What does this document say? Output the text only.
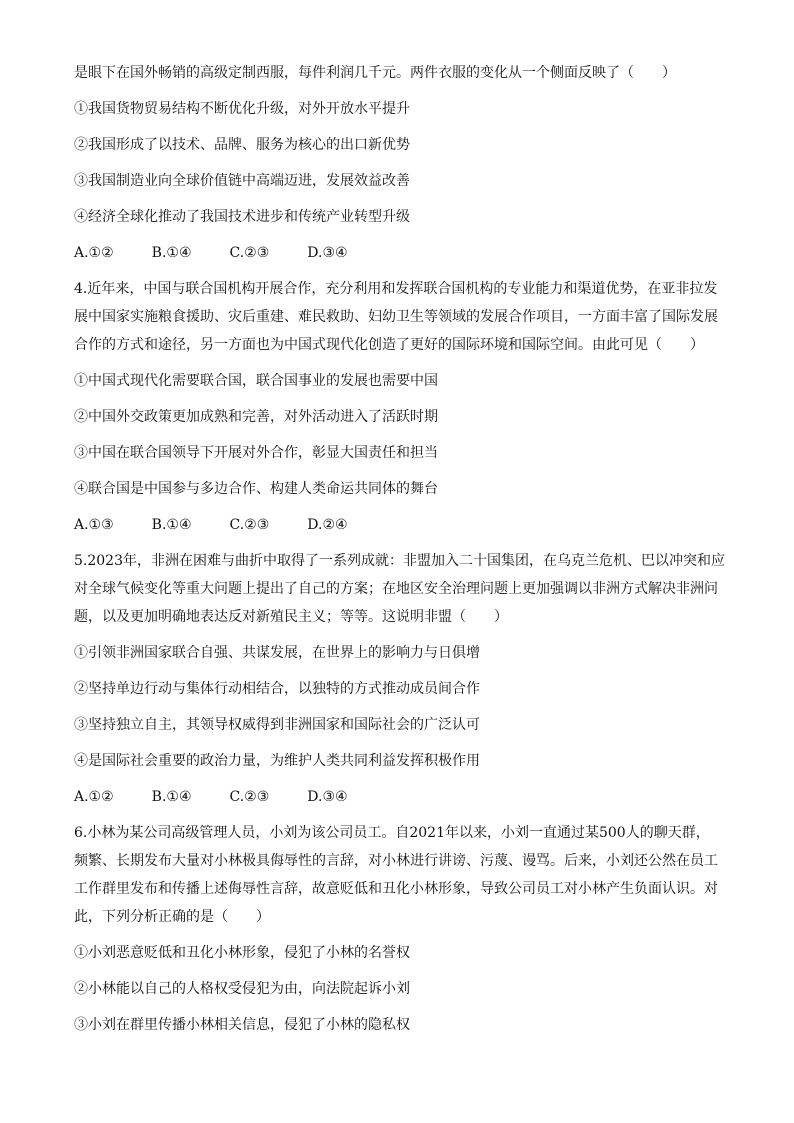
是眼下在国外畅销的高级定制西服，每件利润几千元。两件衣服的变化从一个侧面反映了（　　）

①我国货物贸易结构不断优化升级，对外开放水平提升

②我国形成了以技术、品牌、服务为核心的出口新优势

③我国制造业向全球价值链中高端迈进，发展效益改善

④经济全球化推动了我国技术进步和传统产业转型升级

A.①②	B.①④	C.②③	D.③④

4.近年来，中国与联合国机构开展合作，充分利用和发挥联合国机构的专业能力和渠道优势，在亚非拉发

展中国家实施粮食援助、灾后重建、难民救助、妇幼卫生等领域的发展合作项目，一方面丰富了国际发展

合作的方式和途径，另一方面也为中国式现代化创造了更好的国际环境和国际空间。由此可见（　　）

①中国式现代化需要联合国，联合国事业的发展也需要中国

②中国外交政策更加成熟和完善，对外活动进入了活跃时期

③中国在联合国领导下开展对外合作，彰显大国责任和担当

④联合国是中国参与多边合作、构建人类命运共同体的舞台

A.①③	B.①④	C.②③	D.②④

5.2023年，非洲在困难与曲折中取得了一系列成就：非盟加入二十国集团，在乌克兰危机、巴以冲突和应

对全球气候变化等重大问题上提出了自己的方案；在地区安全治理问题上更加强调以非洲方式解决非洲问

题，以及更加明确地表达反对新殖民主义；等等。这说明非盟（　　）

①引领非洲国家联合自强、共谋发展，在世界上的影响力与日俱增

②坚持单边行动与集体行动相结合，以独特的方式推动成员间合作

③坚持独立自主，其领导权威得到非洲国家和国际社会的广泛认可

④是国际社会重要的政治力量，为维护人类共同利益发挥积极作用

A.①②	B.①④	C.②③	D.③④

6.小林为某公司高级管理人员，小刘为该公司员工。自2021年以来，小刘一直通过某500人的聊天群，

频繁、长期发布大量对小林极具侮辱性的言辞，对小林进行讲谤、污蔑、谩骂。后来，小刘还公然在员工

工作群里发布和传播上述侮辱性言辞，故意贬低和丑化小林形象，导致公司员工对小林产生负面认识。对

此，下列分析正确的是（　　）

①小刘恶意贬低和丑化小林形象，侵犯了小林的名誉权

②小林能以自己的人格权受侵犯为由，向法院起诉小刘

③小刘在群里传播小林相关信息，侵犯了小林的隐私权
